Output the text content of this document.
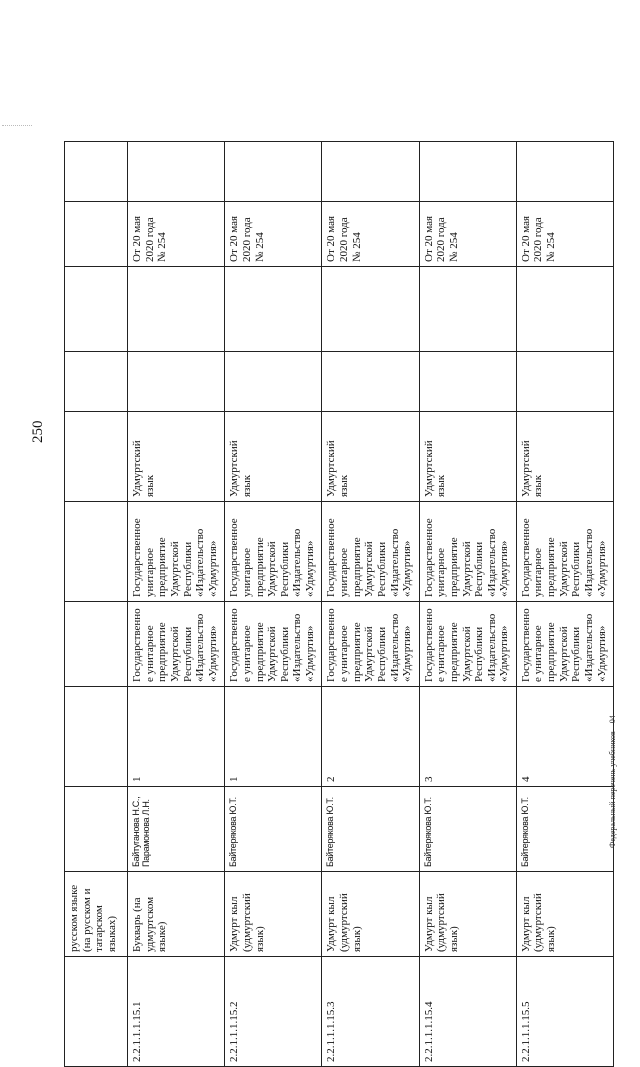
250
	русском языке (на русском и татарском языках)									
2.2.1.1.1.15.1	Букварь (на удмуртском языке)	Байтуганова Н.С., Парамонова Л.Н.	1	Государственное унитарное предприятие Удмуртской Республики «Издательство «Удмуртия»	Государственное унитарное предприятие Удмуртской Республики «Издательство «Удмуртия»	Удмуртский язык			От 20 мая 2020 года № 254	
2.2.1.1.1.15.2	Удмурт кыл (удмуртский язык)	Байтерякова Ю.Т.	1	Государственное унитарное предприятие Удмуртской Республики «Издательство «Удмуртия»	Государственное унитарное предприятие Удмуртской Республики «Издательство «Удмуртия»	Удмуртский язык			От 20 мая 2020 года № 254	
2.2.1.1.1.15.3	Удмурт кыл (удмуртский язык)	Байтерякова Ю.Т.	2	Государственное унитарное предприятие Удмуртской Республики «Издательство «Удмуртия»	Государственное унитарное предприятие Удмуртской Республики «Издательство «Удмуртия»	Удмуртский язык			От 20 мая 2020 года № 254	
2.2.1.1.1.15.4	Удмурт кыл (удмуртский язык)	Байтерякова Ю.Т.	3	Государственное унитарное предприятие Удмуртской Республики «Издательство «Удмуртия»	Государственное унитарное предприятие Удмуртской Республики «Издательство «Удмуртия»	Удмуртский язык			От 20 мая 2020 года № 254	
2.2.1.1.1.15.5	Удмурт кыл (удмуртский язык)	Байтерякова Ю.Т.	4	Государственное унитарное предприятие Удмуртской Республики «Издательство «Удмуртия»	Государственное унитарное предприятие Удмуртской Республики «Издательство «Удмуртия»	Удмуртский язык			От 20 мая 2020 года № 254	
Федеральный перечень учебников – 04
